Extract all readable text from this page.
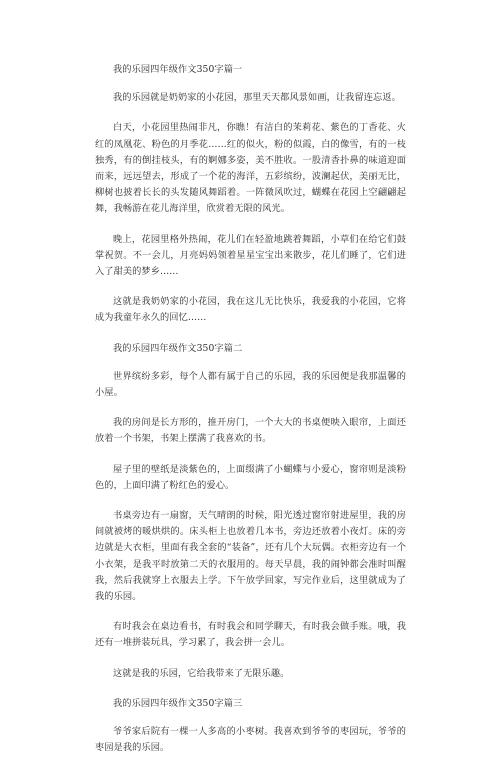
我的乐园四年级作文350字篇一

我的乐园就是奶奶家的小花园，那里天天都风景如画，让我留连忘返。

白天，小花园里热闹非凡，你瞧！有洁白的茉莉花、紫色的丁香花、火红的凤凰花、粉色的月季花……红的似火，粉的似霞，白的像雪，有的一枝独秀，有的倒挂枝头，有的婀娜多姿，美不胜收。一股清香扑鼻的味道迎面而来，远远望去，形成了一个花的海洋，五彩缤纷，波澜起伏，美丽无比，柳树也披着长长的头发随风舞蹈着。一阵微风吹过，蝴蝶在花园上空翩翩起舞，我畅游在花儿海洋里，欣赏着无限的风光。

晚上，花园里格外热闹，花儿们在轻盈地跳着舞蹈，小草们在给它们鼓掌祝贺。不一会儿，月亮妈妈领着星星宝宝出来散步，花儿们睡了，它们进入了甜美的梦乡……

这就是我奶奶家的小花园，我在这儿无比快乐，我爱我的小花园，它将成为我童年永久的回忆……

我的乐园四年级作文350字篇二

世界缤纷多彩，每个人都有属于自己的乐园，我的乐园便是我那温馨的小屋。

我的房间是长方形的，推开房门，一个大大的书桌便映入眼帘，上面还放着一个书架，书架上摆满了我喜欢的书。

屋子里的壁纸是淡紫色的，上面缀满了小蝴蝶与小爱心，窗帘则是淡粉色的，上面印满了粉红色的爱心。

书桌旁边有一扇窗，天气晴朗的时候，阳光透过窗帘射进屋里，我的房间就被烤的暖烘烘的。床头柜上也放着几本书，旁边还放着小夜灯。床的旁边就是大衣柜，里面有我全套的“装备”，还有几个大玩偶。衣柜旁边有一个小衣架，是我平时放第二天的衣服用的。每天早晨，我的闹钟都会准时叫醒我，然后我就穿上衣服去上学。下午放学回家，写完作业后，这里就成为了我的乐园。

有时我会在桌边看书，有时我会和同学聊天，有时我会做手账。哦，我还有一堆拼装玩具，学习累了，我会拼一会儿。

这就是我的乐园，它给我带来了无限乐趣。

我的乐园四年级作文350字篇三

爷爷家后院有一棵一人多高的小枣树。我喜欢到爷爷的枣园玩，爷爷的枣园是我的乐园。
